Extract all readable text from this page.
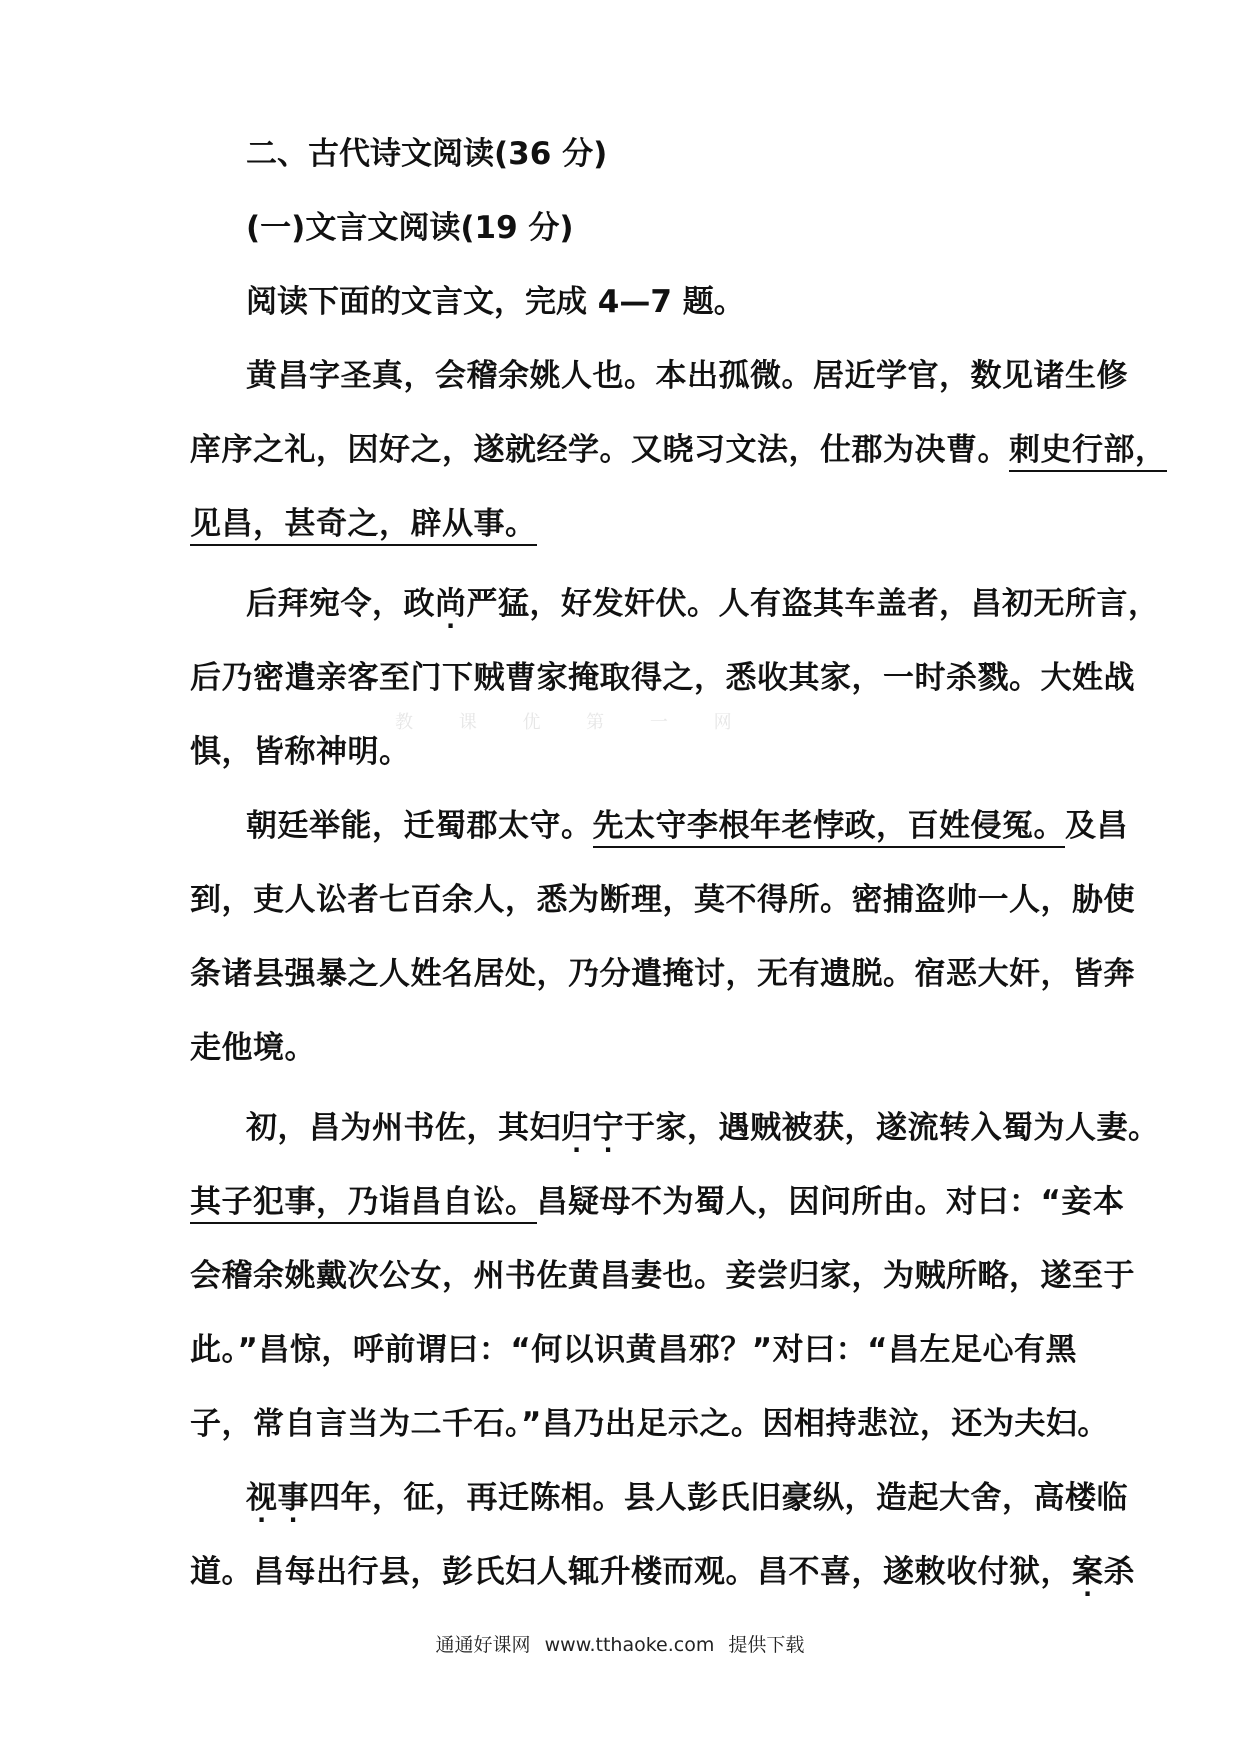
二、古代诗文阅读(36 分)
(一)文言文阅读(19 分)
阅读下面的文言文，完成 4—7 题。
黄昌字圣真，会稽余姚人也。本出孤微。居近学官，数见诸生修
庠序之礼，因好之，遂就经学。又晓习文法，仕郡为决曹。刺史行部，
见昌，甚奇之，辟从事。
后拜宛令，政尚严猛，好发奸伏。人有盗其车盖者，昌初无所言，
后乃密遣亲客至门下贼曹家掩取得之，悉收其家，一时杀戮。大姓战
惧，皆称神明。
教 课 优 第 一 网
朝廷举能，迁蜀郡太守。先太守李根年老悖政，百姓侵冤。及昌
到，吏人讼者七百余人，悉为断理，莫不得所。密捕盗帅一人，胁使
条诸县强暴之人姓名居处，乃分遣掩讨，无有遗脱。宿恶大奸，皆奔
走他境。
初，昌为州书佐，其妇归宁于家，遇贼被获，遂流转入蜀为人妻。
其子犯事，乃诣昌自讼。昌疑母不为蜀人，因问所由。对曰：“妾本
会稽余姚戴次公女，州书佐黄昌妻也。妾尝归家，为贼所略，遂至于
此。”昌惊，呼前谓曰：“何以识黄昌邪？”对曰：“昌左足心有黑
子，常自言当为二千石。”昌乃出足示之。因相持悲泣，还为夫妇。
视事四年，征，再迁陈相。县人彭氏旧豪纵，造起大舍，高楼临
道。昌每出行县，彭氏妇人辄升楼而观。昌不喜，遂敕收付狱，案杀
通通好课网 www.tthaoke.com 提供下载
